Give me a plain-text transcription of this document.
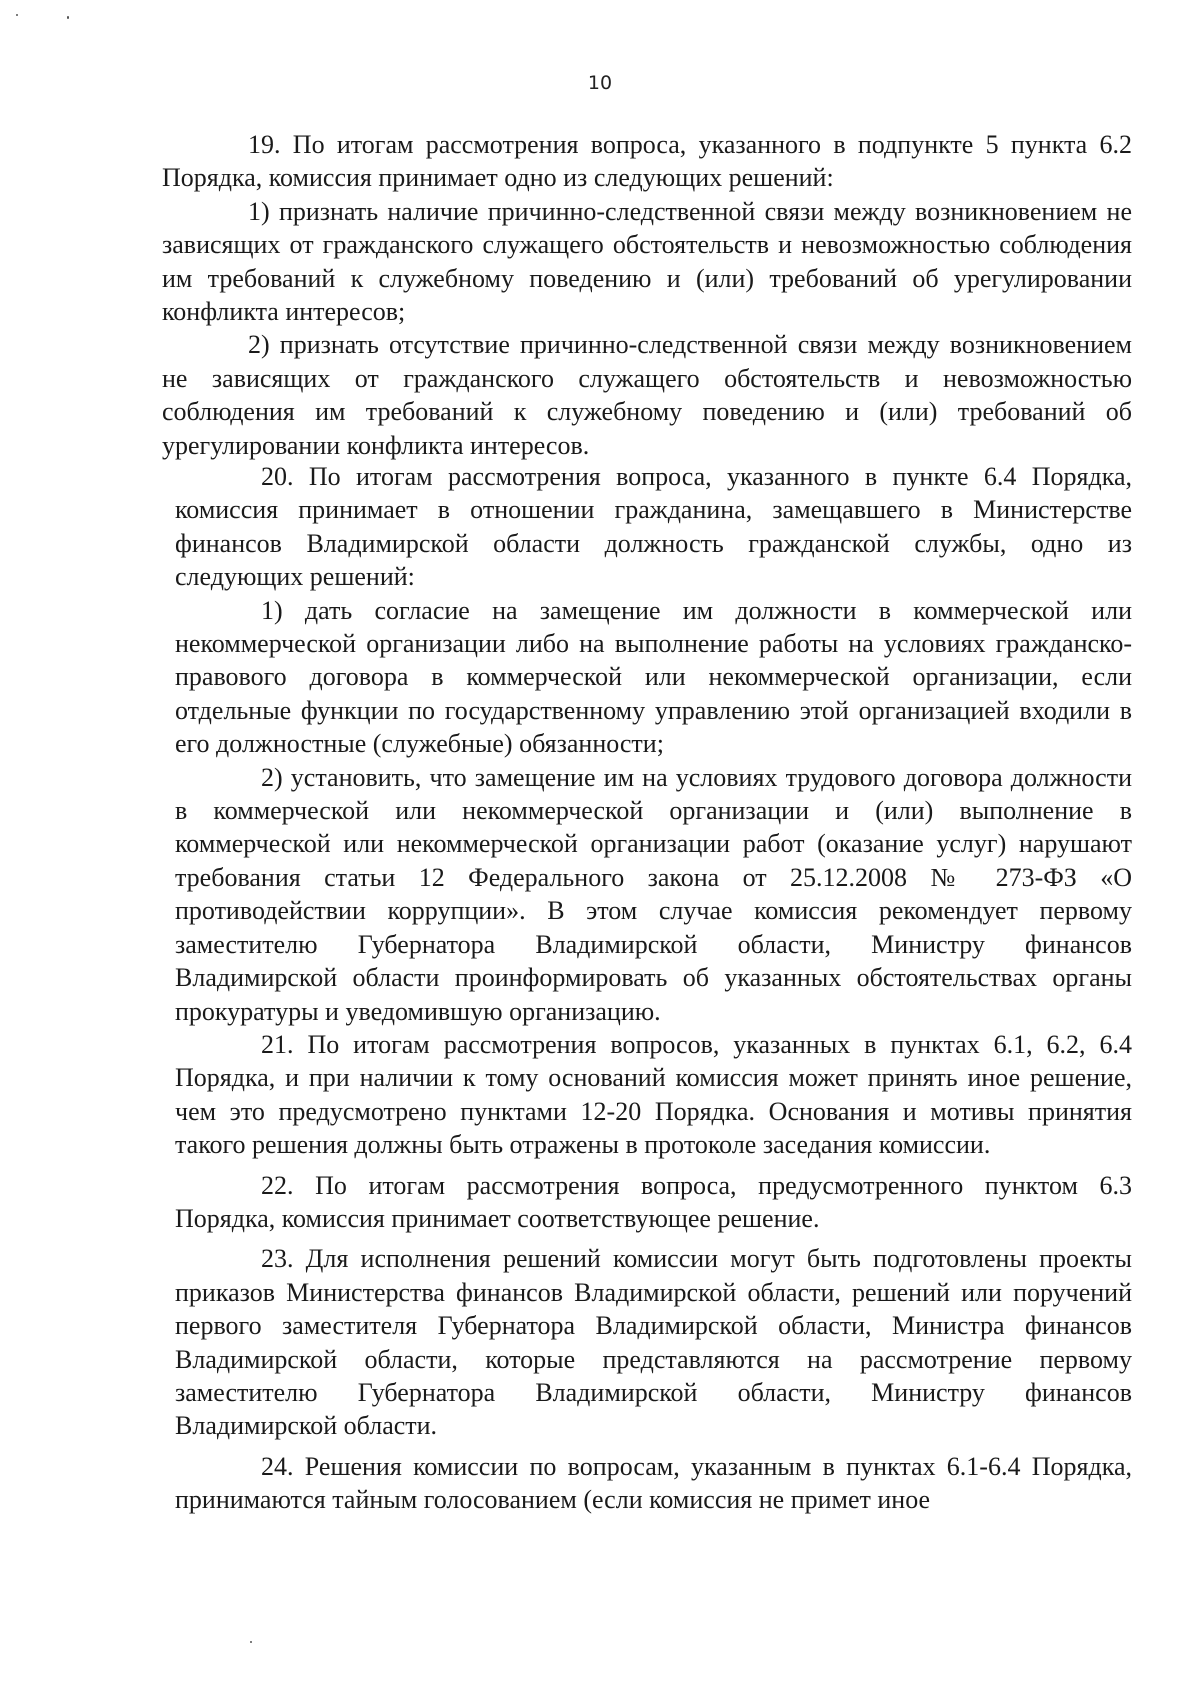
10

19. По итогам рассмотрения вопроса, указанного в подпункте 5 пункта 6.2 Порядка, комиссия принимает одно из следующих решений:

1) признать наличие причинно-следственной связи между возникновением не зависящих от гражданского служащего обстоятельств и невозможностью соблюдения им требований к служебному поведению и (или) требований об урегулировании конфликта интересов;

2) признать отсутствие причинно-следственной связи между возникновением не зависящих от гражданского служащего обстоятельств и невозможностью соблюдения им требований к служебному поведению и (или) требований об урегулировании конфликта интересов.

20. По итогам рассмотрения вопроса, указанного в пункте 6.4 Порядка, комиссия принимает в отношении гражданина, замещавшего в Министерстве финансов Владимирской области должность гражданской службы, одно из следующих решений:

1) дать согласие на замещение им должности в коммерческой или некоммерческой организации либо на выполнение работы на условиях гражданско-правового договора в коммерческой или некоммерческой организации, если отдельные функции по государственному управлению этой организацией входили в его должностные (служебные) обязанности;

2) установить, что замещение им на условиях трудового договора должности в коммерческой или некоммерческой организации и (или) выполнение в коммерческой или некоммерческой организации работ (оказание услуг) нарушают требования статьи 12 Федерального закона от 25.12.2008 № 273-ФЗ «О противодействии коррупции». В этом случае комиссия рекомендует первому заместителю Губернатора Владимирской области, Министру финансов Владимирской области проинформировать об указанных обстоятельствах органы прокуратуры и уведомившую организацию.

21. По итогам рассмотрения вопросов, указанных в пунктах 6.1, 6.2, 6.4 Порядка, и при наличии к тому оснований комиссия может принять иное решение, чем это предусмотрено пунктами 12-20 Порядка. Основания и мотивы принятия такого решения должны быть отражены в протоколе заседания комиссии.

22. По итогам рассмотрения вопроса, предусмотренного пунктом 6.3 Порядка, комиссия принимает соответствующее решение.

23. Для исполнения решений комиссии могут быть подготовлены проекты приказов Министерства финансов Владимирской области, решений или поручений первого заместителя Губернатора Владимирской области, Министра финансов Владимирской области, которые представляются на рассмотрение первому заместителю Губернатора Владимирской области, Министру финансов Владимирской области.

24. Решения комиссии по вопросам, указанным в пунктах 6.1-6.4 Порядка, принимаются тайным голосованием (если комиссия не примет иное
